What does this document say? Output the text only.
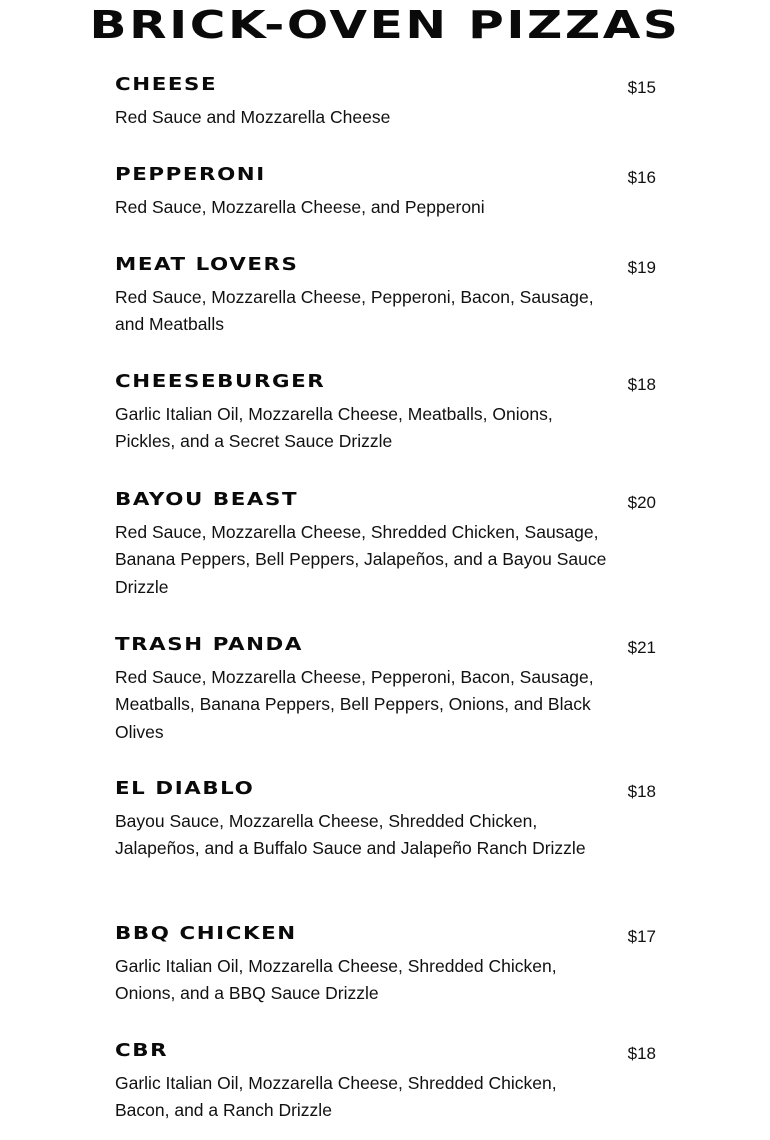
BRICK-OVEN PIZZAS
CHEESE	$15
Red Sauce and Mozzarella Cheese
PEPPERONI	$16
Red Sauce, Mozzarella Cheese, and Pepperoni
MEAT LOVERS	$19
Red Sauce, Mozzarella Cheese, Pepperoni, Bacon, Sausage, and Meatballs
CHEESEBURGER	$18
Garlic Italian Oil, Mozzarella Cheese, Meatballs, Onions, Pickles, and a Secret Sauce Drizzle
BAYOU BEAST	$20
Red Sauce, Mozzarella Cheese, Shredded Chicken, Sausage, Banana Peppers, Bell Peppers, Jalapeños, and a Bayou Sauce Drizzle
TRASH PANDA	$21
Red Sauce, Mozzarella Cheese, Pepperoni, Bacon, Sausage, Meatballs, Banana Peppers, Bell Peppers, Onions, and Black Olives
EL DIABLO	$18
Bayou Sauce, Mozzarella Cheese, Shredded Chicken, Jalapeños, and a Buffalo Sauce and Jalapeño Ranch Drizzle
BBQ CHICKEN	$17
Garlic Italian Oil, Mozzarella Cheese, Shredded Chicken, Onions, and a BBQ Sauce Drizzle
CBR	$18
Garlic Italian Oil, Mozzarella Cheese, Shredded Chicken, Bacon, and a Ranch Drizzle
